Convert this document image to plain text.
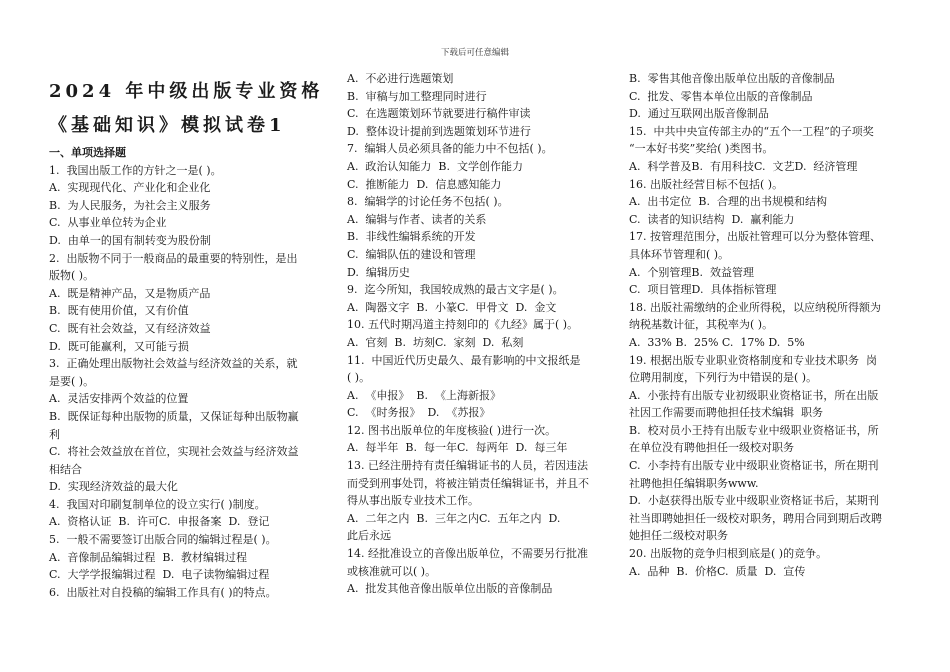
下载后可任意编辑
2024 年中级出版专业资格
《基础知识》模拟试卷1
一、单项选择题
1.  我国出版工作的方针之一是( )。
A.  实现现代化、产业化和企业化
B.  为人民服务，为社会主义服务
C.  从事业单位转为企业
D.  由单一的国有制转变为股份制
2.  出版物不同于一般商品的最重要的特别性，是出
版物( )。
A.  既是精神产品，又是物质产品
B.  既有使用价值，又有价值
C.  既有社会效益，又有经济效益
D.  既可能赢利，又可能亏损
3.  正确处理出版物社会效益与经济效益的关系，就
是要( )。
A.  灵活安排两个效益的位置
B.  既保证每种出版物的质量，又保证每种出版物赢
利
C.  将社会效益放在首位，实现社会效益与经济效益
相结合
D.  实现经济效益的最大化
4.  我国对印刷复制单位的设立实行( )制度。
A.  资格认证  B.  许可C.  申报备案  D.  登记
5.  一般不需要签订出版合同的编辑过程是( )。
A.  音像制品编辑过程  B.  教材编辑过程
C.  大学学报编辑过程  D.  电子读物编辑过程
6.  出版社对自投稿的编辑工作具有( )的特点。
A.  不必进行选题策划
B.  审稿与加工整理同时进行
C.  在选题策划环节就要进行稿件审读
D.  整体设计提前到选题策划环节进行
7.  编辑人员必须具备的能力中不包括( )。
A.  政治认知能力  B.  文学创作能力
C.  推断能力  D.  信息感知能力
8.  编辑学的讨论任务不包括( )。
A.  编辑与作者、读者的关系
B.  非线性编辑系统的开发
C.  编辑队伍的建设和管理
D.  编辑历史
9.  迄今所知，我国较成熟的最古文字是( )。
A.  陶器文字  B.  小篆C.  甲骨文  D.  金文
10. 五代时期冯道主持刻印的《九经》属于( )。
A.  官刻  B.  坊刻C.  家刻  D.  私刻
11.  中国近代历史最久、最有影响的中文报纸是
( )。
A.  《申报》  B.  《上海新报》
C.  《时务报》  D.  《苏报》
12. 图书出版单位的年度核验( )进行一次。
A.  每半年  B.  每一年C.  每两年  D.  每三年
13. 已经注册持有责任编辑证书的人员，若因违法
而受到刑事处罚，将被注销责任编辑证书，并且不
得从事出版专业技术工作。
A.  二年之内  B.  三年之内C.  五年之内  D.
此后永远
14. 经批准设立的音像出版单位，不需要另行批准
或核准就可以( )。
A.  批发其他音像出版单位出版的音像制品
B.  零售其他音像出版单位出版的音像制品
C.  批发、零售本单位出版的音像制品
D.  通过互联网出版音像制品
15.  中共中央宣传部主办的“五个一工程”的子项奖
“一本好书奖”奖给( )类图书。
A.  科学普及B.  有用科技C.  文艺D.  经济管理
16. 出版社经营目标不包括( )。
A.  出书定位  B.  合理的出书规模和结构
C.  读者的知识结构  D.  赢利能力
17. 按管理范围分，出版社管理可以分为整体管理、
具体环节管理和( )。
A.  个别管理B.  效益管理
C.  项目管理D.  具体指标管理
18. 出版社需缴纳的企业所得税，以应纳税所得额为
纳税基数计征，其税率为( )。
A.  33% B.  25% C.  17% D.  5%
19. 根据出版专业职业资格制度和专业技术职务  岗
位聘用制度，下列行为中错误的是( )。
A.  小张持有出版专业初级职业资格证书，所在出版
社因工作需要而聘他担任技术编辑  职务
B.  校对员小王持有出版专业中级职业资格证书，所
在单位没有聘他担任一级校对职务
C.  小李持有出版专业中级职业资格证书，所在期刊
社聘他担任编辑职务www.
D.  小赵获得出版专业中级职业资格证书后，某期刊
社当即聘她担任一级校对职务，聘用合同到期后改聘
她担任二级校对职务
20. 出版物的竞争归根到底是( )的竞争。
A.  品种  B.  价格C.  质量  D.  宣传
